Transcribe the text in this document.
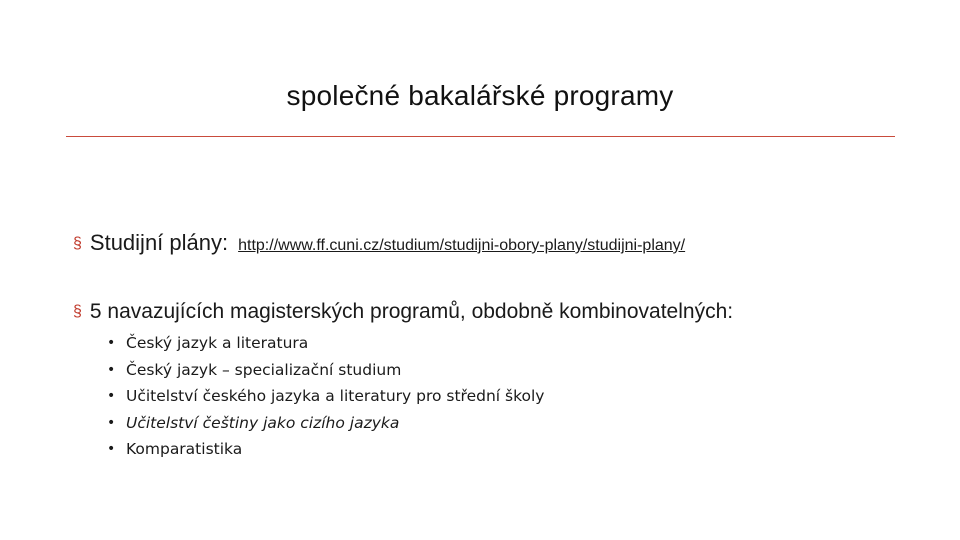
společné bakalářské programy
§ Studijní plány: http://www.ff.cuni.cz/studium/studijni-obory-plany/studijni-plany/
§ 5 navazujících magisterských programů, obdobně kombinovatelných:
• Český jazyk a literatura
• Český jazyk – specializační studium
• Učitelství českého jazyka a literatury pro střední školy
• Učitelství češtiny jako cizího jazyka
• Komparatistika
